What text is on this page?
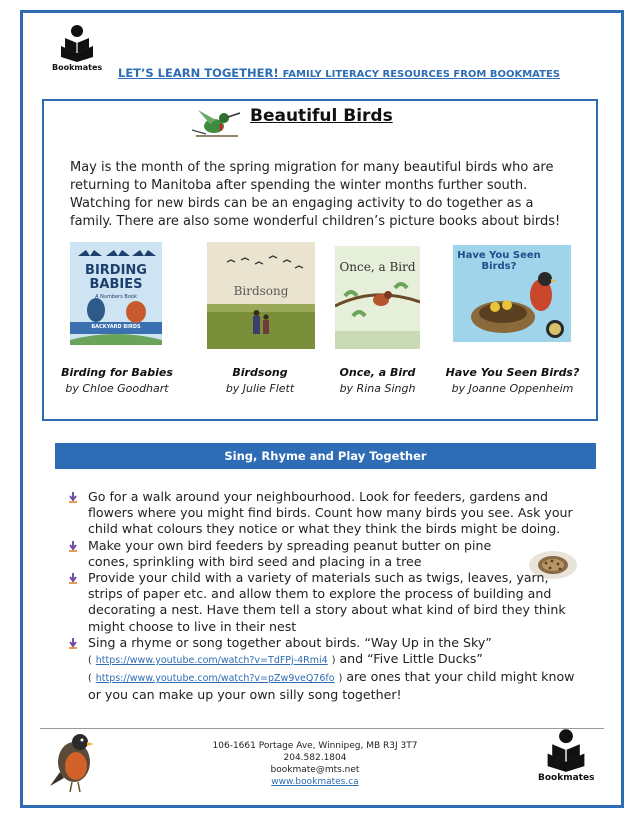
Bookmates LET’S LEARN TOGETHER! FAMILY LITERACY RESOURCES FROM BOOKMATES
Beautiful Birds
May is the month of the spring migration for many beautiful birds who are returning to Manitoba after spending the winter months further south. Watching for new birds can be an engaging activity to do together as a family. There are also some wonderful children’s picture books about birds!
BIRDING BABIES
A Numbers Book
BACKYARD BIRDS
Birdsong
Once, a Bird
Have You Seen Birds?
Birding for Babies
by Chloe Goodhart
Birdsong
by Julie Flett
Once, a Bird
by Rina Singh
Have You Seen Birds?
by Joanne Oppenheim
Sing, Rhyme and Play Together
Go for a walk around your neighbourhood. Look for feeders, gardens and flowers where you might find birds. Count how many birds you see. Ask your child what colours they notice or what they think the birds might be doing.
Make your own bird feeders by spreading peanut butter on pine cones, sprinkling with bird seed and placing in a tree
Provide your child with a variety of materials such as twigs, leaves, yarn, strips of paper etc. and allow them to explore the process of building and decorating a nest. Have them tell a story about what kind of bird they think might choose to live in their nest
Sing a rhyme or song together about birds. “Way Up in the Sky”
( https://www.youtube.com/watch?v=TdFPj-4Rmi4 ) and “Five Little Ducks”
( https://www.youtube.com/watch?v=pZw9veQ76fo ) are ones that your child might know or you can make up your own silly song together!
106-1661 Portage Ave, Winnipeg, MB R3J 3T7
204.582.1804
bookmate@mts.net
www.bookmates.ca	Bookmates
